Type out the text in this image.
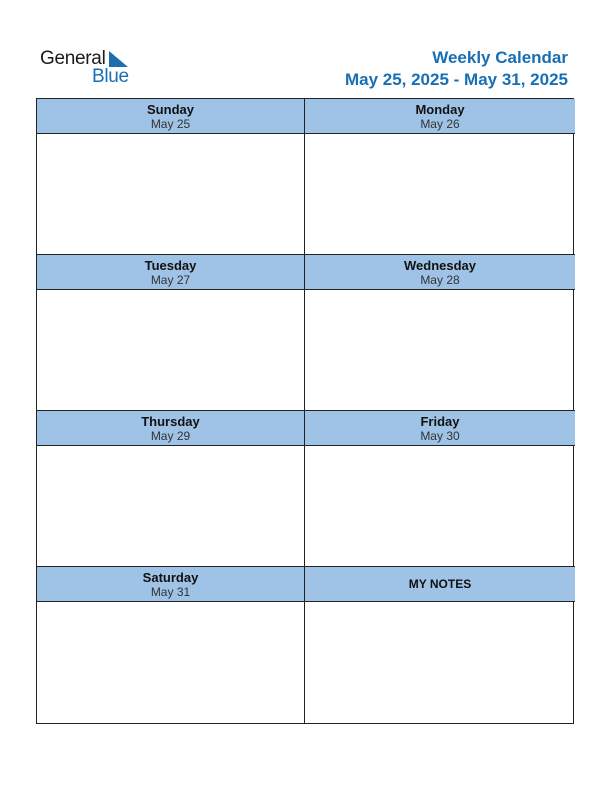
General
Blue
Weekly Calendar
May 25, 2025 - May 31, 2025
Sunday
May 25
Monday
May 26
Tuesday
May 27
Wednesday
May 28
Thursday
May 29
Friday
May 30
Saturday
May 31
MY NOTES
